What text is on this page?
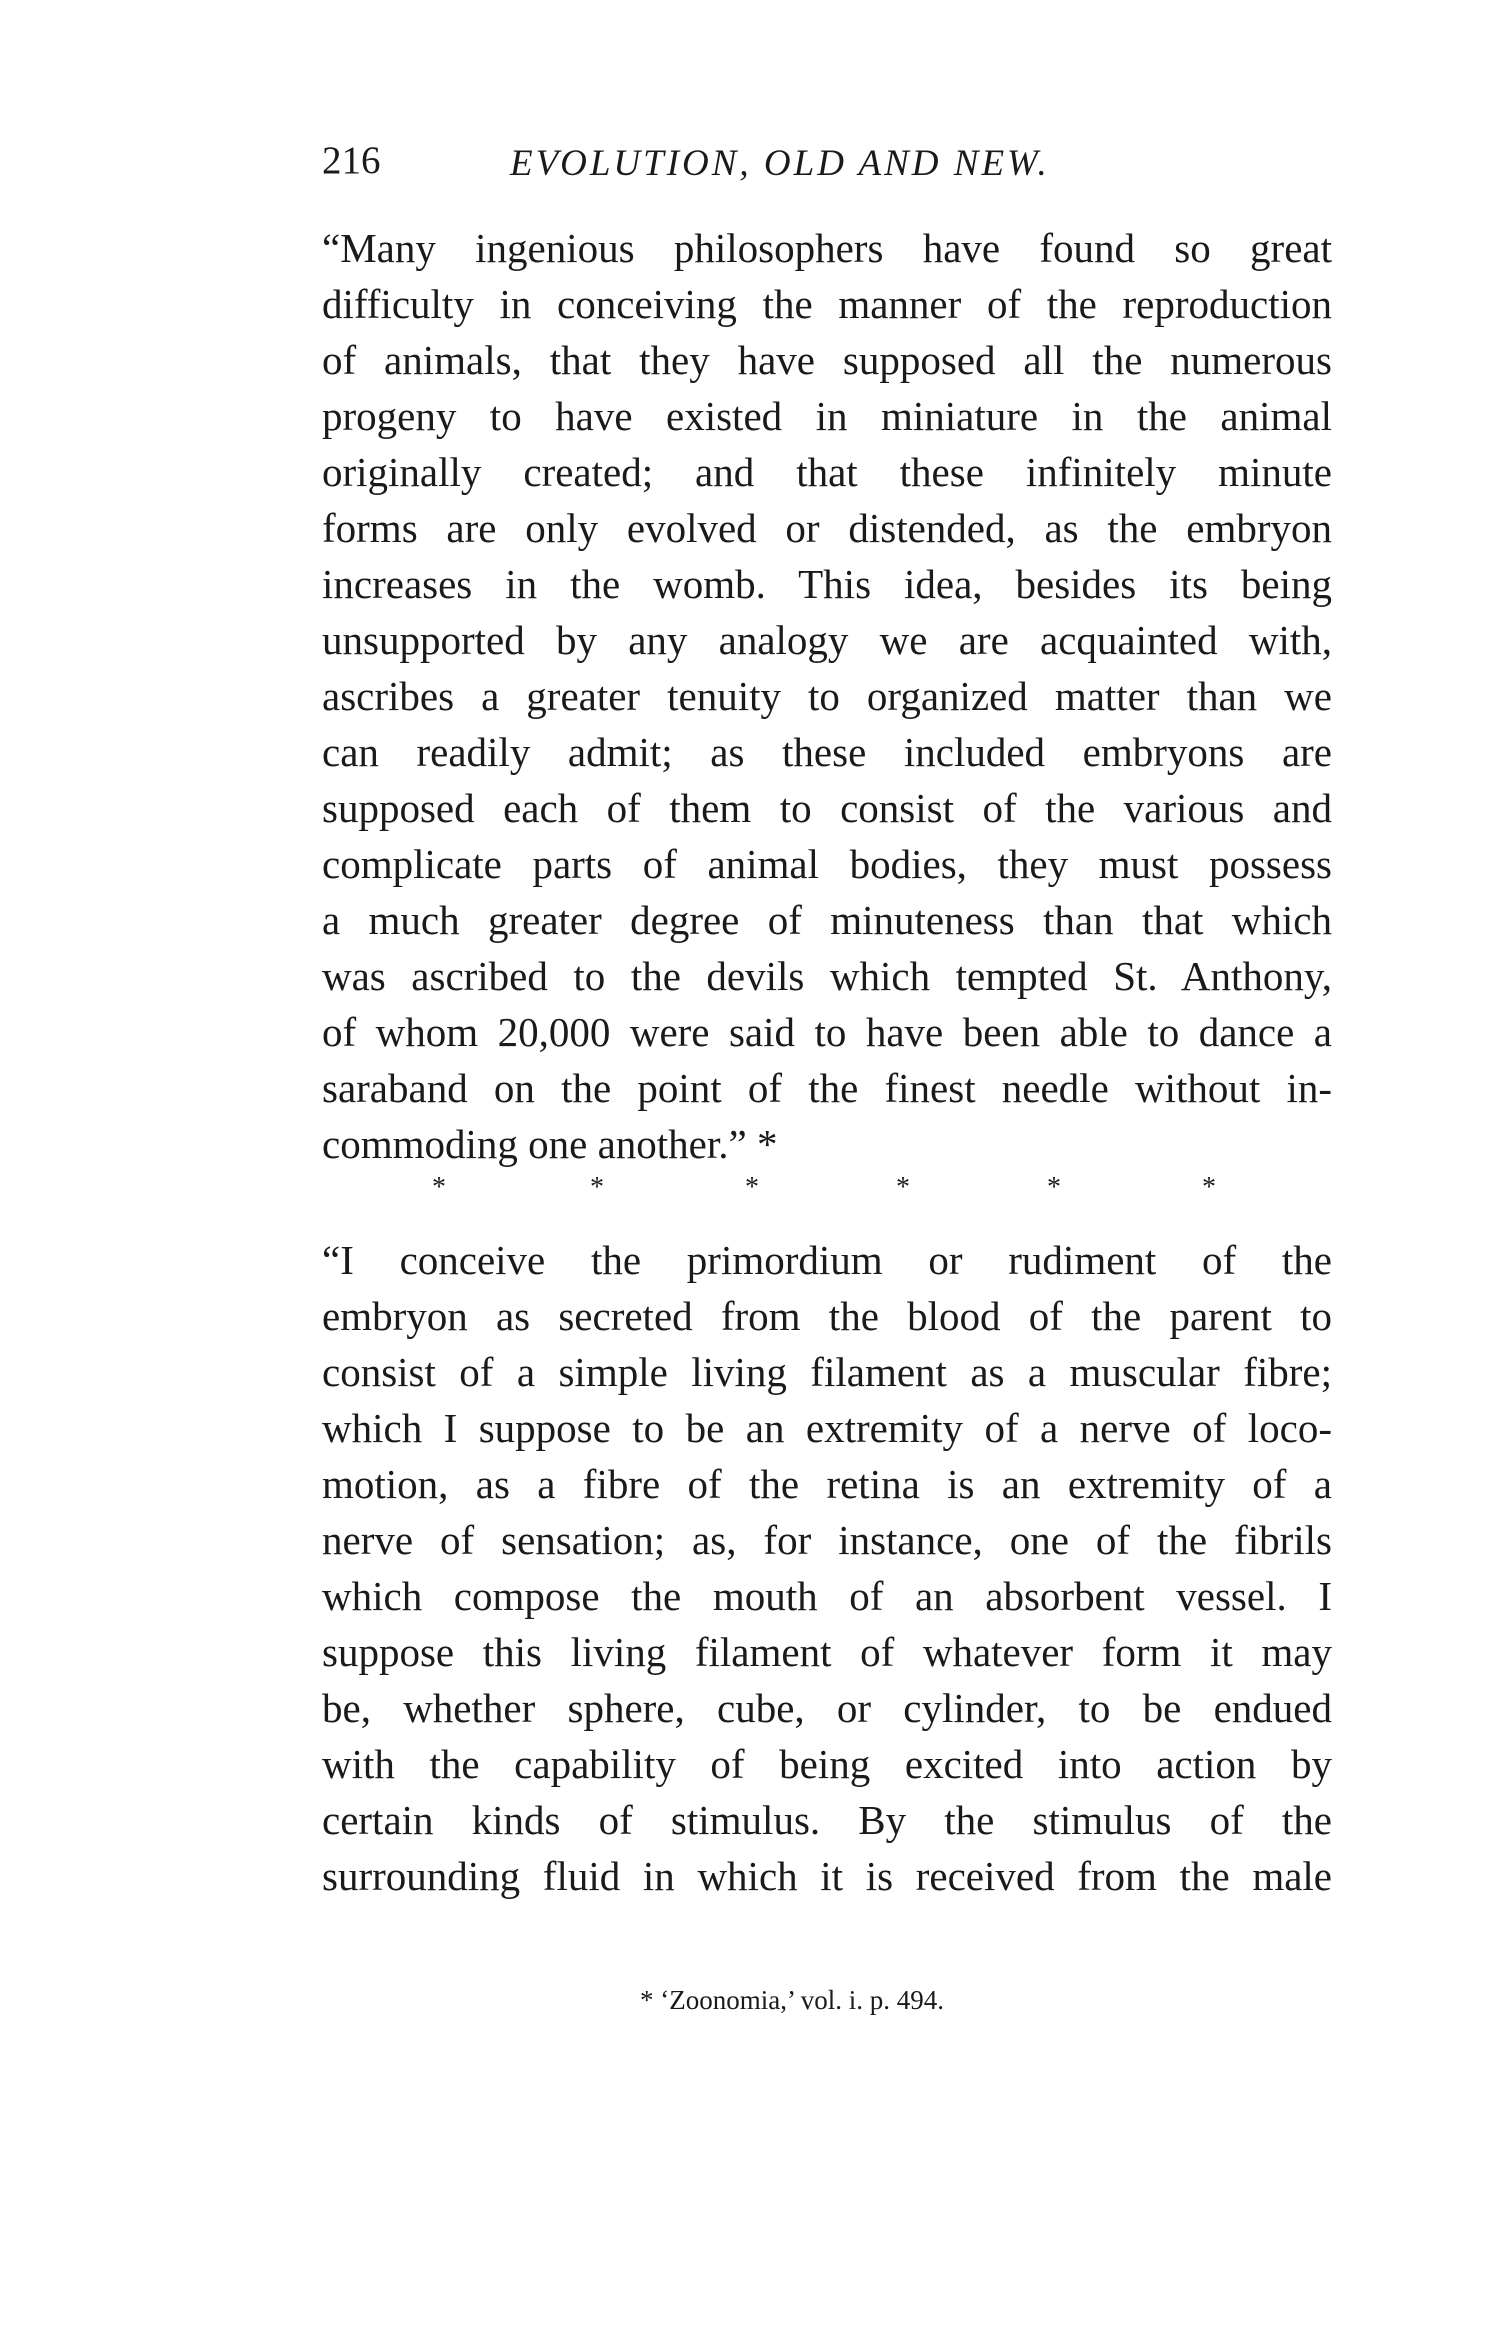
216	EVOLUTION, OLD AND NEW.
“Many ingenious philosophers have found so great
difficulty in conceiving the manner of the reproduction
of animals, that they have supposed all the numerous
progeny to have existed in miniature in the animal
originally created; and that these infinitely minute
forms are only evolved or distended, as the embryon
increases in the womb. This idea, besides its being
unsupported by any analogy we are acquainted with,
ascribes a greater tenuity to organized matter than we
can readily admit; as these included embryons are
supposed each of them to consist of the various and
complicate parts of animal bodies, they must possess
a much greater degree of minuteness than that which
was ascribed to the devils which tempted St. Anthony,
of whom 20,000 were said to have been able to dance a
saraband on the point of the finest needle without in-
commoding one another.” *
*	*	*	*	*	*
“I conceive the primordium or rudiment of the
embryon as secreted from the blood of the parent to
consist of a simple living filament as a muscular fibre;
which I suppose to be an extremity of a nerve of loco-
motion, as a fibre of the retina is an extremity of a
nerve of sensation; as, for instance, one of the fibrils
which compose the mouth of an absorbent vessel. I
suppose this living filament of whatever form it may
be, whether sphere, cube, or cylinder, to be endued
with the capability of being excited into action by
certain kinds of stimulus. By the stimulus of the
surrounding fluid in which it is received from the male
* ‘Zoonomia,’ vol. i. p. 494.
